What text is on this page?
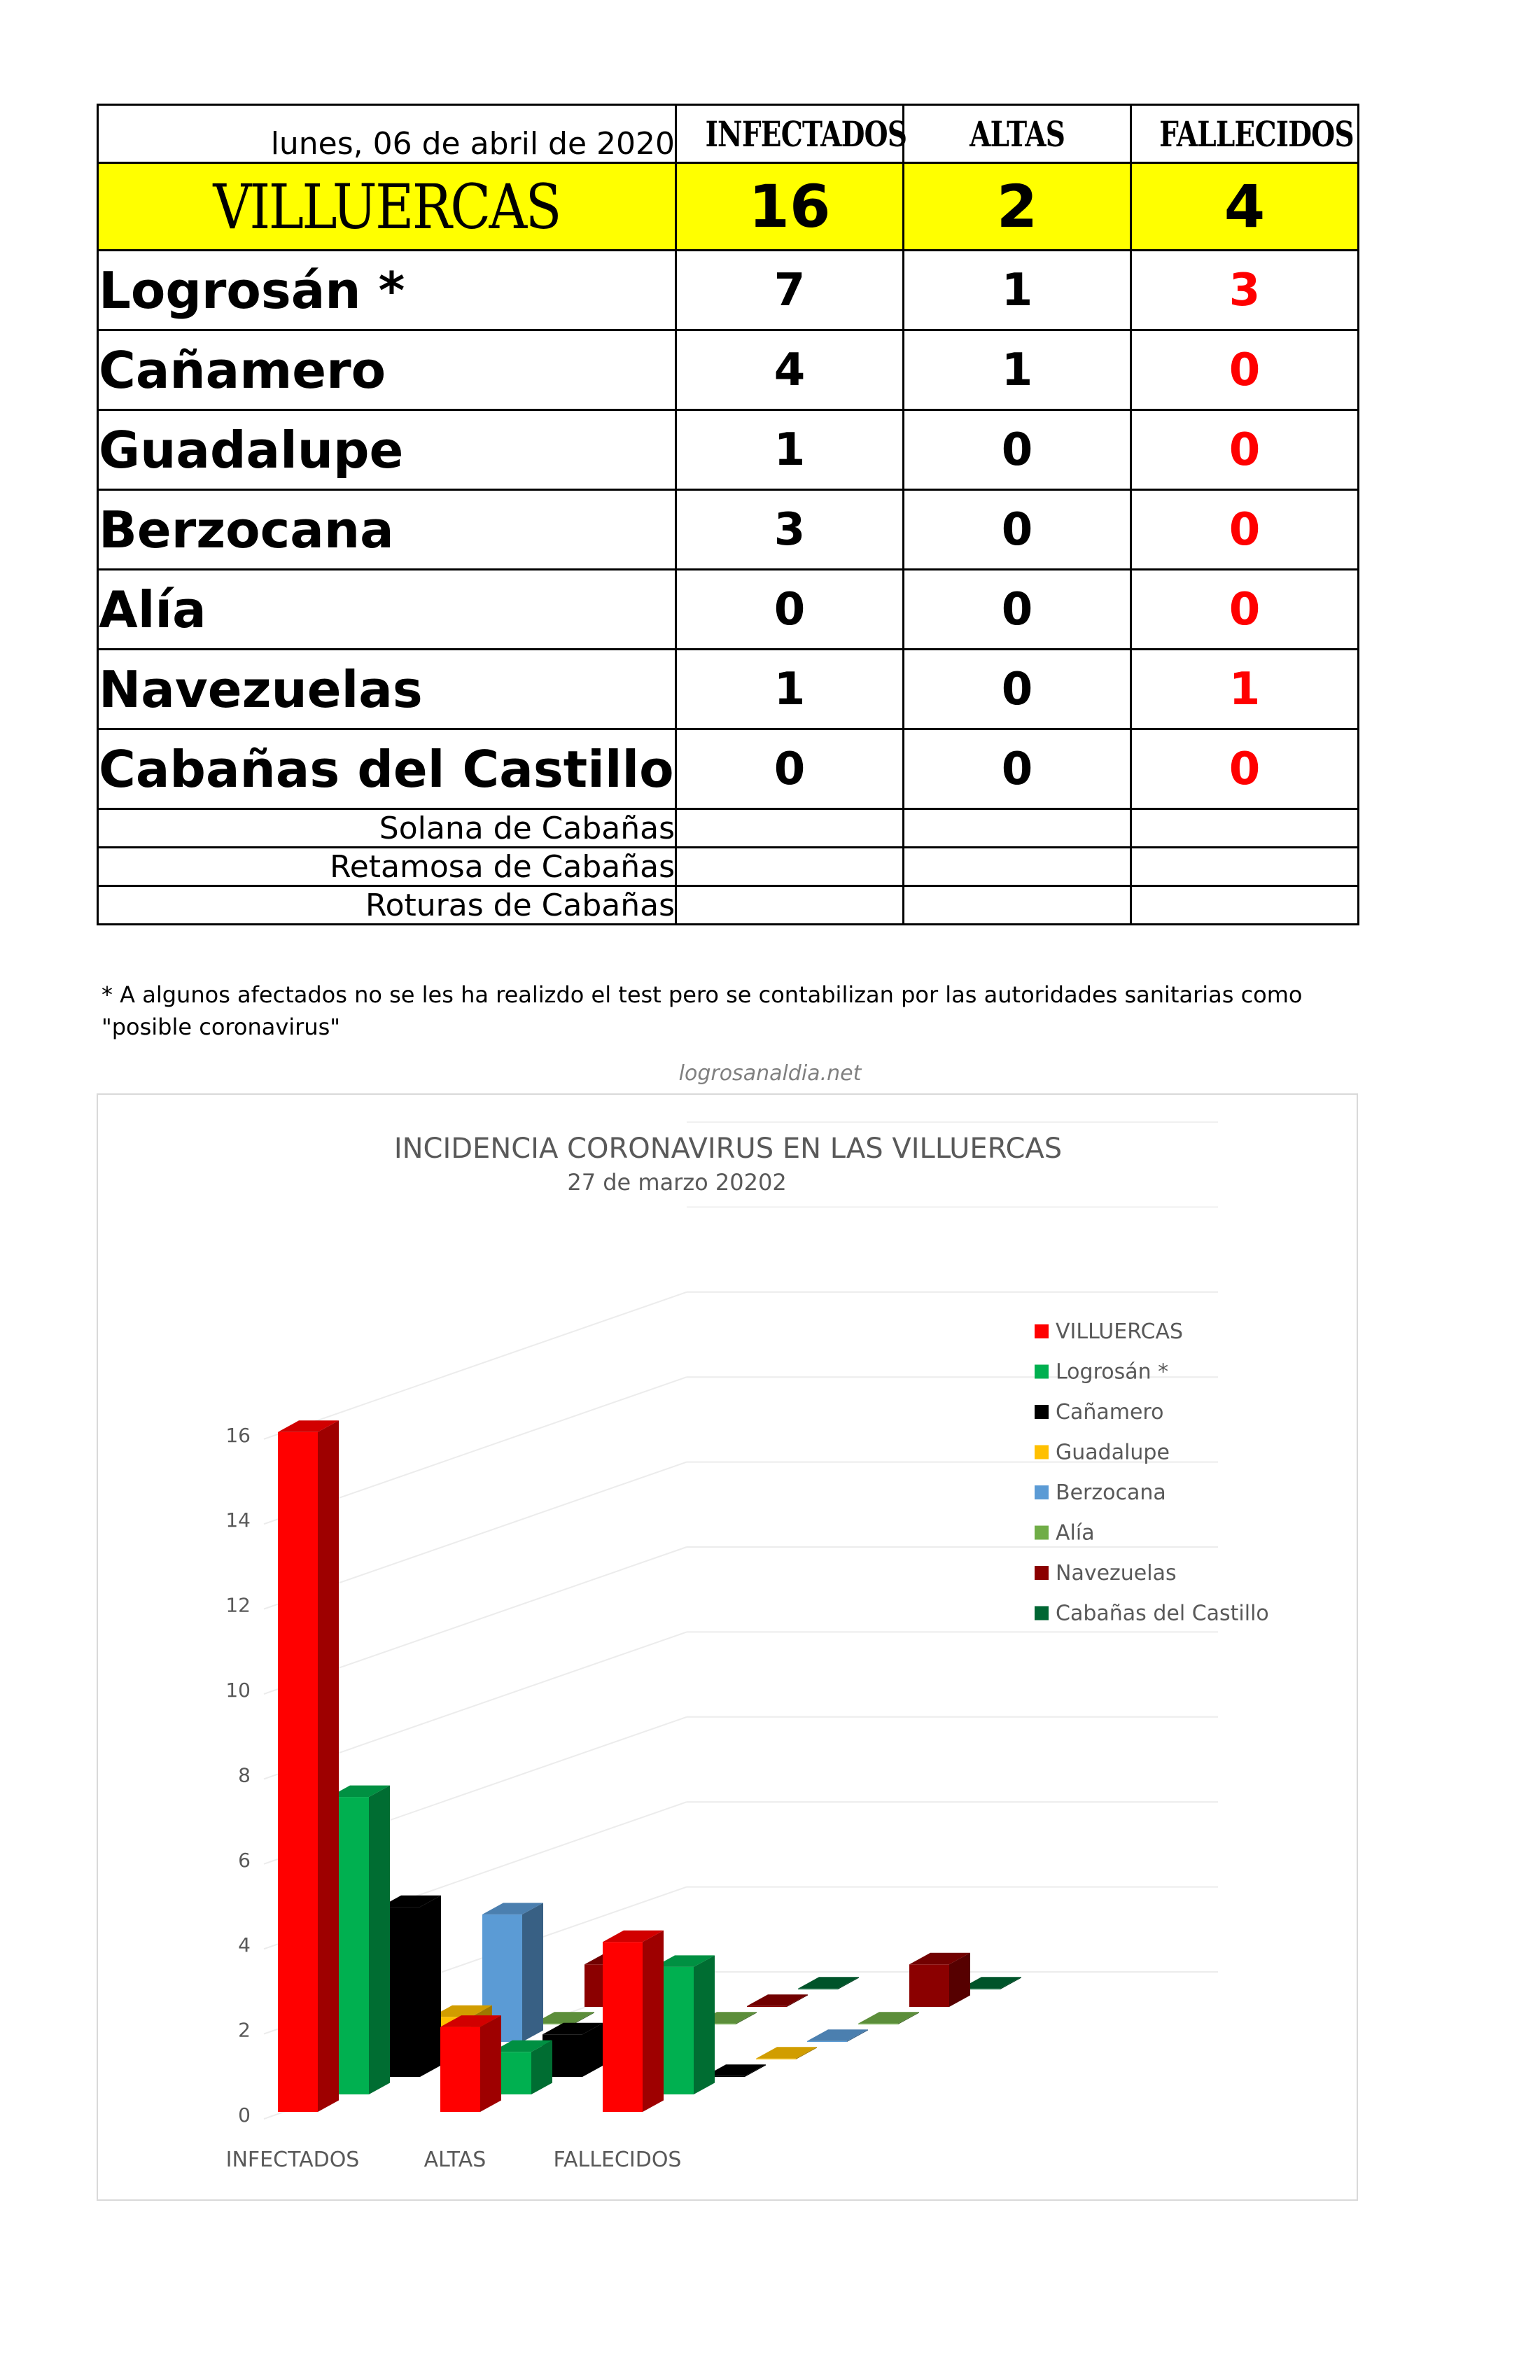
lunes, 06 de abril de 2020	INFECTADOS	ALTAS	FALLECIDOS
VILLUERCAS	16	2	4
Logrosán *	7	1	3
Cañamero	4	1	0
Guadalupe	1	0	0
Berzocana	3	0	0
Alía	0	0	0
Navezuelas	1	0	1
Cabañas del Castillo	0	0	0
Solana de Cabañas			
Retamosa de Cabañas			
Roturas de Cabañas			
* A algunos afectados no se les ha realizdo el test pero se contabilizan por las autoridades sanitarias como "posible coronavirus"
logrosanaldia.net
0
2
4
6
8
10
12
14
16
INFECTADOS	ALTAS	FALLECIDOS
INCIDENCIA CORONAVIRUS EN LAS VILLUERCAS
27 de marzo 20202
VILLUERCAS
Logrosán *
Cañamero
Guadalupe
Berzocana
Alía
Navezuelas
Cabañas del Castillo
